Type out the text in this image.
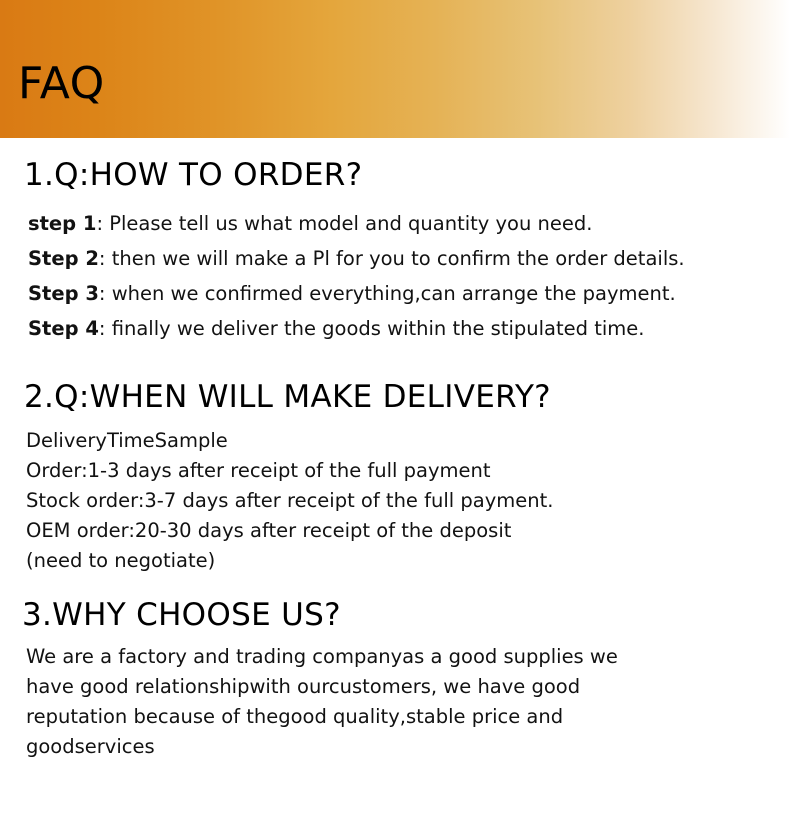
FAQ
1.Q:HOW TO ORDER?
step 1: Please tell us what model and quantity you need.
Step 2: then we will make a Pl for you to confirm the order details.
Step 3: when we confirmed everything,can arrange the payment.
Step 4: finally we deliver the goods within the stipulated time.
2.Q:WHEN WILL MAKE DELIVERY?
DeliveryTimeSample
Order:1-3 days after receipt of the full payment
Stock order:3-7 days after receipt of the full payment.
OEM order:20-30 days after receipt of the deposit
(need to negotiate)
3.WHY CHOOSE US?
We are a factory and trading companyas a good supplies we
have good relationshipwith ourcustomers, we have good
reputation because of thegood quality,stable price and
goodservices
